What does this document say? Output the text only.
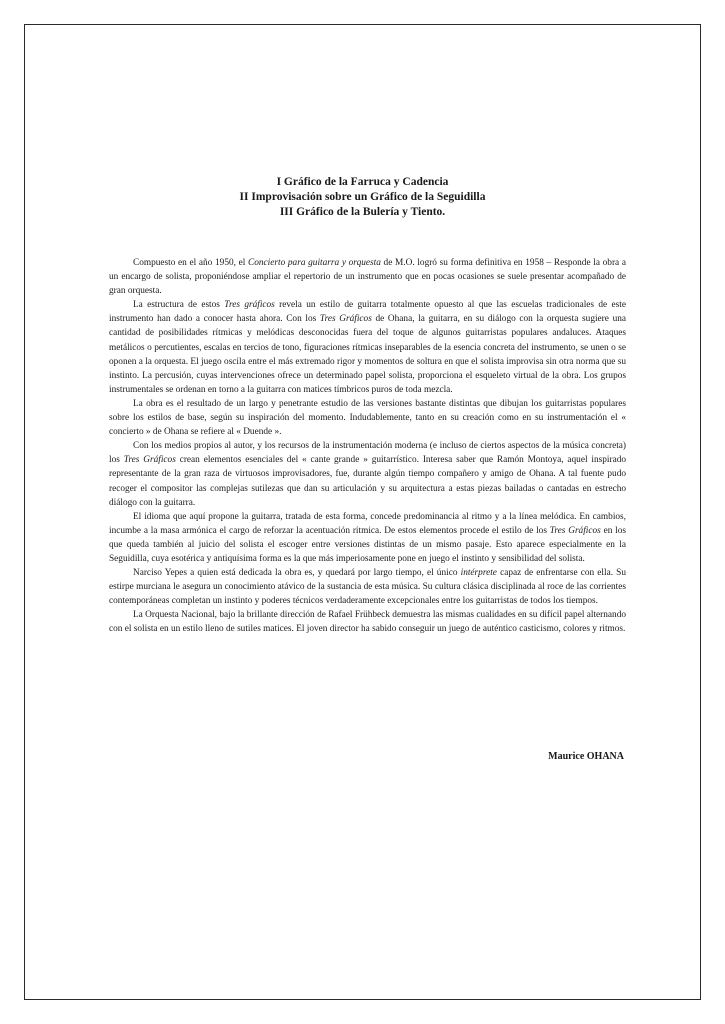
I Gráfico de la Farruca y Cadencia
II Improvisación sobre un Gráfico de la Seguidilla
III Gráfico de la Bulería y Tiento.

Compuesto en el año 1950, el Concierto para guitarra y orquesta de M.O. logró su forma definitiva en 1958 – Responde la obra a un encargo de solista, proponiéndose ampliar el repertorio de un instrumento que en pocas ocasiones se suele presentar acompañado de gran orquesta.

La estructura de estos Tres gráficos revela un estilo de guitarra totalmente opuesto al que las escuelas tradicionales de este instrumento han dado a conocer hasta ahora. Con los Tres Gráficos de Ohana, la guitarra, en su diálogo con la orquesta sugiere una cantidad de posibilidades rítmicas y melódicas desconocidas fuera del toque de algunos guitarristas populares andaluces. Ataques metálicos o percutientes, escalas en tercios de tono, figuraciones rítmicas inseparables de la esencia concreta del instrumento, se unen o se oponen a la orquesta. El juego oscila entre el más extremado rigor y momentos de soltura en que el solista improvisa sin otra norma que su instinto. La percusión, cuyas intervenciones ofrece un determinado papel solista, proporciona el esqueleto virtual de la obra. Los grupos instrumentales se ordenan en torno a la guitarra con matices tímbricos puros de toda mezcla.

La obra es el resultado de un largo y penetrante estudio de las versiones bastante distintas que dibujan los guitarristas populares sobre los estilos de base, según su inspiración del momento. Indudablemente, tanto en su creación como en su instrumentación el « concierto » de Ohana se refiere al « Duende ».

Con los medios propios al autor, y los recursos de la instrumentación moderna (e incluso de ciertos aspectos de la música concreta) los Tres Gráficos crean elementos esenciales del « cante grande » guitarrístico. Interesa saber que Ramón Montoya, aquel inspirado representante de la gran raza de virtuosos improvisadores, fue, durante algún tiempo compañero y amigo de Ohana. A tal fuente pudo recoger el compositor las complejas sutilezas que dan su articulación y su arquitectura a estas piezas bailadas o cantadas en estrecho diálogo con la guitarra.

El idioma que aquí propone la guitarra, tratada de esta forma, concede predominancia al ritmo y a la línea melódica. En cambios, incumbe a la masa armónica el cargo de reforzar la acentuación rítmica. De estos elementos procede el estilo de los Tres Gráficos en los que queda también al juicio del solista el escoger entre versiones distintas de un mismo pasaje. Esto aparece especialmente en la Seguidilla, cuya esotérica y antiquísima forma es la que más imperiosamente pone en juego el instinto y sensibilidad del solista.

Narciso Yepes a quien está dedicada la obra es, y quedará por largo tiempo, el único intérprete capaz de enfrentarse con ella. Su estirpe murciana le asegura un conocimiento atávico de la sustancia de esta música. Su cultura clásica disciplinada al roce de las corrientes contemporáneas completan un instinto y poderes técnicos verdaderamente excepcionales entre los guitarristas de todos los tiempos.

La Orquesta Nacional, bajo la brillante dirección de Rafael Frühbeck demuestra las mismas cualidades en su difícil papel alternando con el solista en un estilo lleno de sutiles matices. El joven director ha sabido conseguir un juego de auténtico casticismo, colores y ritmos.

Maurice OHANA
